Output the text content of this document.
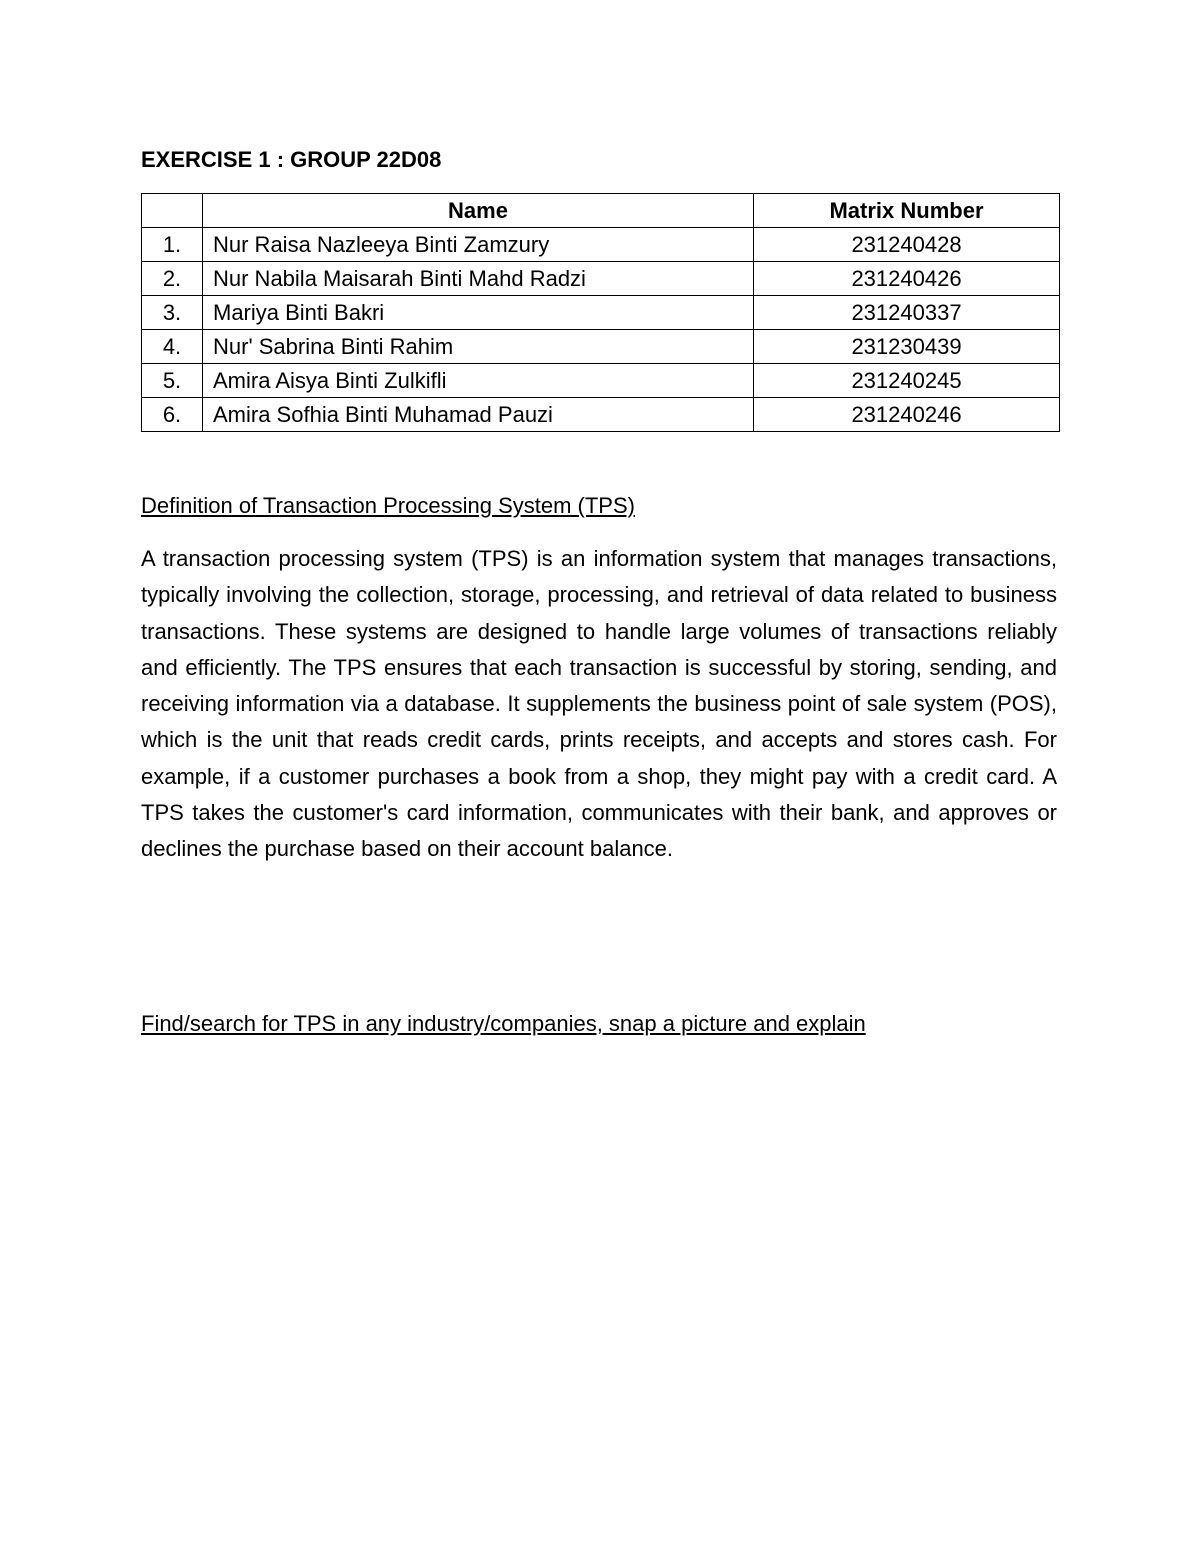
EXERCISE 1 : GROUP 22D08
	Name	Matrix Number
1.	Nur Raisa Nazleeya Binti Zamzury	231240428
2.	Nur Nabila Maisarah Binti Mahd Radzi	231240426
3.	Mariya Binti Bakri	231240337
4.	Nur' Sabrina Binti Rahim	231230439
5.	Amira Aisya Binti Zulkifli	231240245
6.	Amira Sofhia Binti Muhamad Pauzi	231240246
Definition of Transaction Processing System (TPS)
A transaction processing system (TPS) is an information system that manages transactions, typically involving the collection, storage, processing, and retrieval of data related to business transactions. These systems are designed to handle large volumes of transactions reliably and efficiently. The TPS ensures that each transaction is successful by storing, sending, and receiving information via a database. It supplements the business point of sale system (POS), which is the unit that reads credit cards, prints receipts, and accepts and stores cash. For example, if a customer purchases a book from a shop, they might pay with a credit card. A TPS takes the customer's card information, communicates with their bank, and approves or declines the purchase based on their account balance.
Find/search for TPS in any industry/companies, snap a picture and explain
